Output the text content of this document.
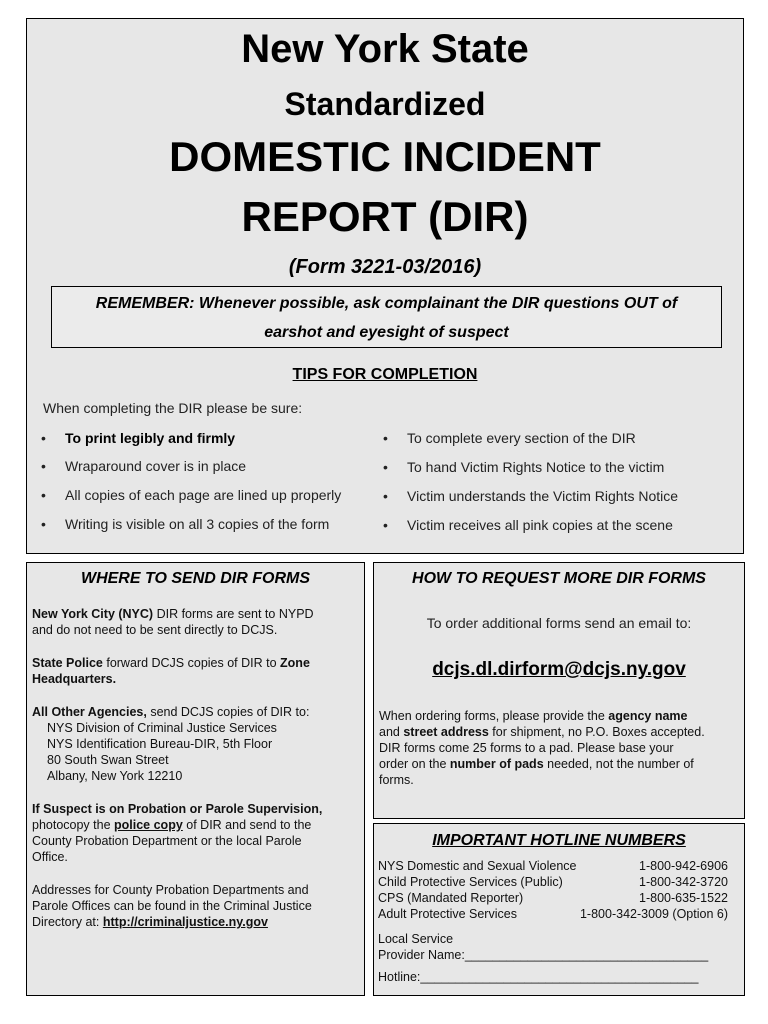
New York State
Standardized
DOMESTIC INCIDENT
REPORT (DIR)
(Form 3221-03/2016)
REMEMBER: Whenever possible, ask complainant the DIR questions OUT of
earshot and eyesight of suspect
TIPS FOR COMPLETION
When completing the DIR please be sure:
• To print legibly and firmly
• Wraparound cover is in place
• All copies of each page are lined up properly
• Writing is visible on all 3 copies of the form
• To complete every section of the DIR
• To hand Victim Rights Notice to the victim
• Victim understands the Victim Rights Notice
• Victim receives all pink copies at the scene
WHERE TO SEND DIR FORMS
New York City (NYC) DIR forms are sent to NYPD
and do not need to be sent directly to DCJS.
State Police forward DCJS copies of DIR to Zone
Headquarters.
All Other Agencies, send DCJS copies of DIR to:
NYS Division of Criminal Justice Services
NYS Identification Bureau-DIR, 5th Floor
80 South Swan Street
Albany, New York 12210
If Suspect is on Probation or Parole Supervision,
photocopy the police copy of DIR and send to the
County Probation Department or the local Parole
Office.
Addresses for County Probation Departments and
Parole Offices can be found in the Criminal Justice
Directory at: http://criminaljustice.ny.gov
HOW TO REQUEST MORE DIR FORMS
To order additional forms send an email to:
dcjs.dl.dirform@dcjs.ny.gov
When ordering forms, please provide the agency name
and street address for shipment, no P.O. Boxes accepted.
DIR forms come 25 forms to a pad. Please base your
order on the number of pads needed, not the number of
forms.
IMPORTANT HOTLINE NUMBERS
NYS Domestic and Sexual Violence	1-800-942-6906
Child Protective Services (Public)	1-800-342-3720
CPS (Mandated Reporter)	1-800-635-1522
Adult Protective Services	1-800-342-3009 (Option 6)
Local Service
Provider Name:___________________________________
Hotline:________________________________________
